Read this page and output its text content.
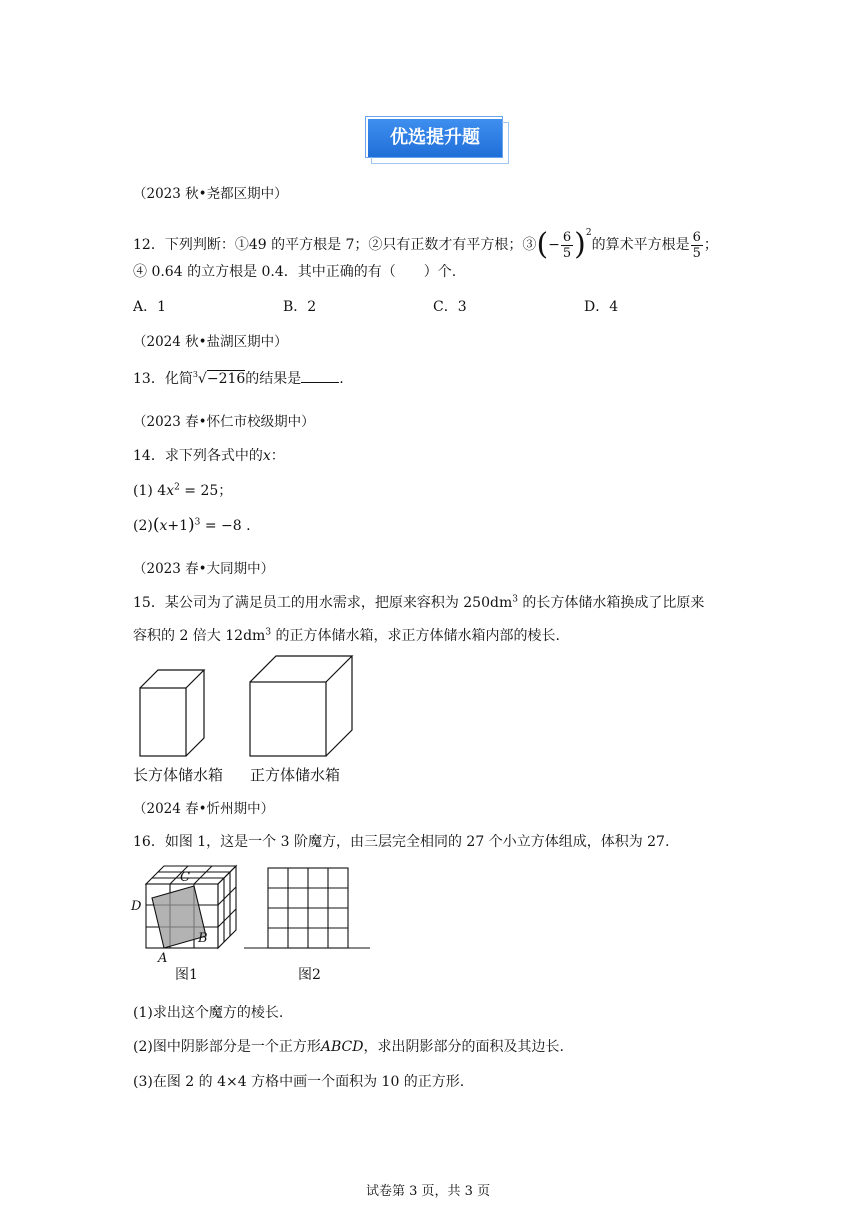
优选提升题
（2023 秋•尧都区期中）
12．下列判断：①49 的平方根是 7；②只有正数才有平方根；③(− $\frac{6}{5} )^2$的算术平方根是 $\frac{6}{5}$ ；
④ 0.64 的立方根是 0.4．其中正确的有（　　）个.
A．1	B．2	C．3	D．4
（2024 秋•盐湖区期中）
13．化简$^3$√−216的结果是	.
（2023 春•怀仁市校级期中）
14．求下列各式中的x：
(1) $4x^2 = 25$；
$(2)(x+1)^3 = -8$ .
（2023 春•大同期中）
15．某公司为了满足员工的用水需求，把原来容积为 $250dm^3$ 的长方体储水箱换成了比原来
容积的 2 倍大 $12dm^3$ 的正方体储水箱，求正方体储水箱内部的棱长.
长方体储水箱 正方体储水箱
（2024 春•忻州期中）
16．如图 1，这是一个 3 阶魔方，由三层完全相同的 27 个小立方体组成，体积为 27.
A
B
C
D
图1	图2
(1)求出这个魔方的棱长.
(2)图中阴影部分是一个正方形ABCD，求出阴影部分的面积及其边长.
(3)在图 2 的 4×4 方格中画一个面积为 10 的正方形.
试卷第 3 页，共 3 页
